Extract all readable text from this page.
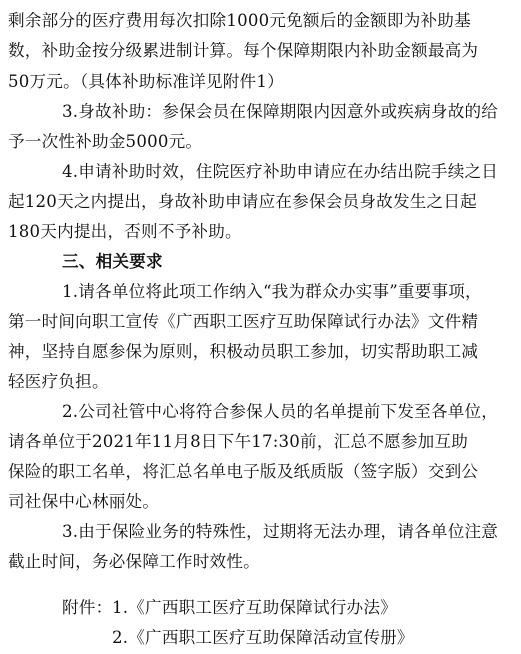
剩余部分的医疗费用每次扣除1000元免额后的金额即为补助基
数，补助金按分级累进制计算。每个保障期限内补助金额最高为
50万元。（具体补助标准详见附件1）
3.身故补助：参保会员在保障期限内因意外或疾病身故的给
予一次性补助金5000元。
4.申请补助时效，住院医疗补助申请应在办结出院手续之日
起120天之内提出，身故补助申请应在参保会员身故发生之日起
180天内提出，否则不予补助。
三、相关要求
1.请各单位将此项工作纳入“我为群众办实事”重要事项，
第一时间向职工宣传《广西职工医疗互助保障试行办法》文件精
神，坚持自愿参保为原则，积极动员职工参加，切实帮助职工减
轻医疗负担。
2.公司社管中心将符合参保人员的名单提前下发至各单位，
请各单位于2021年11月8日下午17:30前，汇总不愿参加互助
保险的职工名单，将汇总名单电子版及纸质版（签字版）交到公
司社保中心林丽处。
3.由于保险业务的特殊性，过期将无法办理，请各单位注意
截止时间，务必保障工作时效性。
附件： 1.《广西职工医疗互助保障试行办法》
2.《广西职工医疗互助保障活动宣传册》
